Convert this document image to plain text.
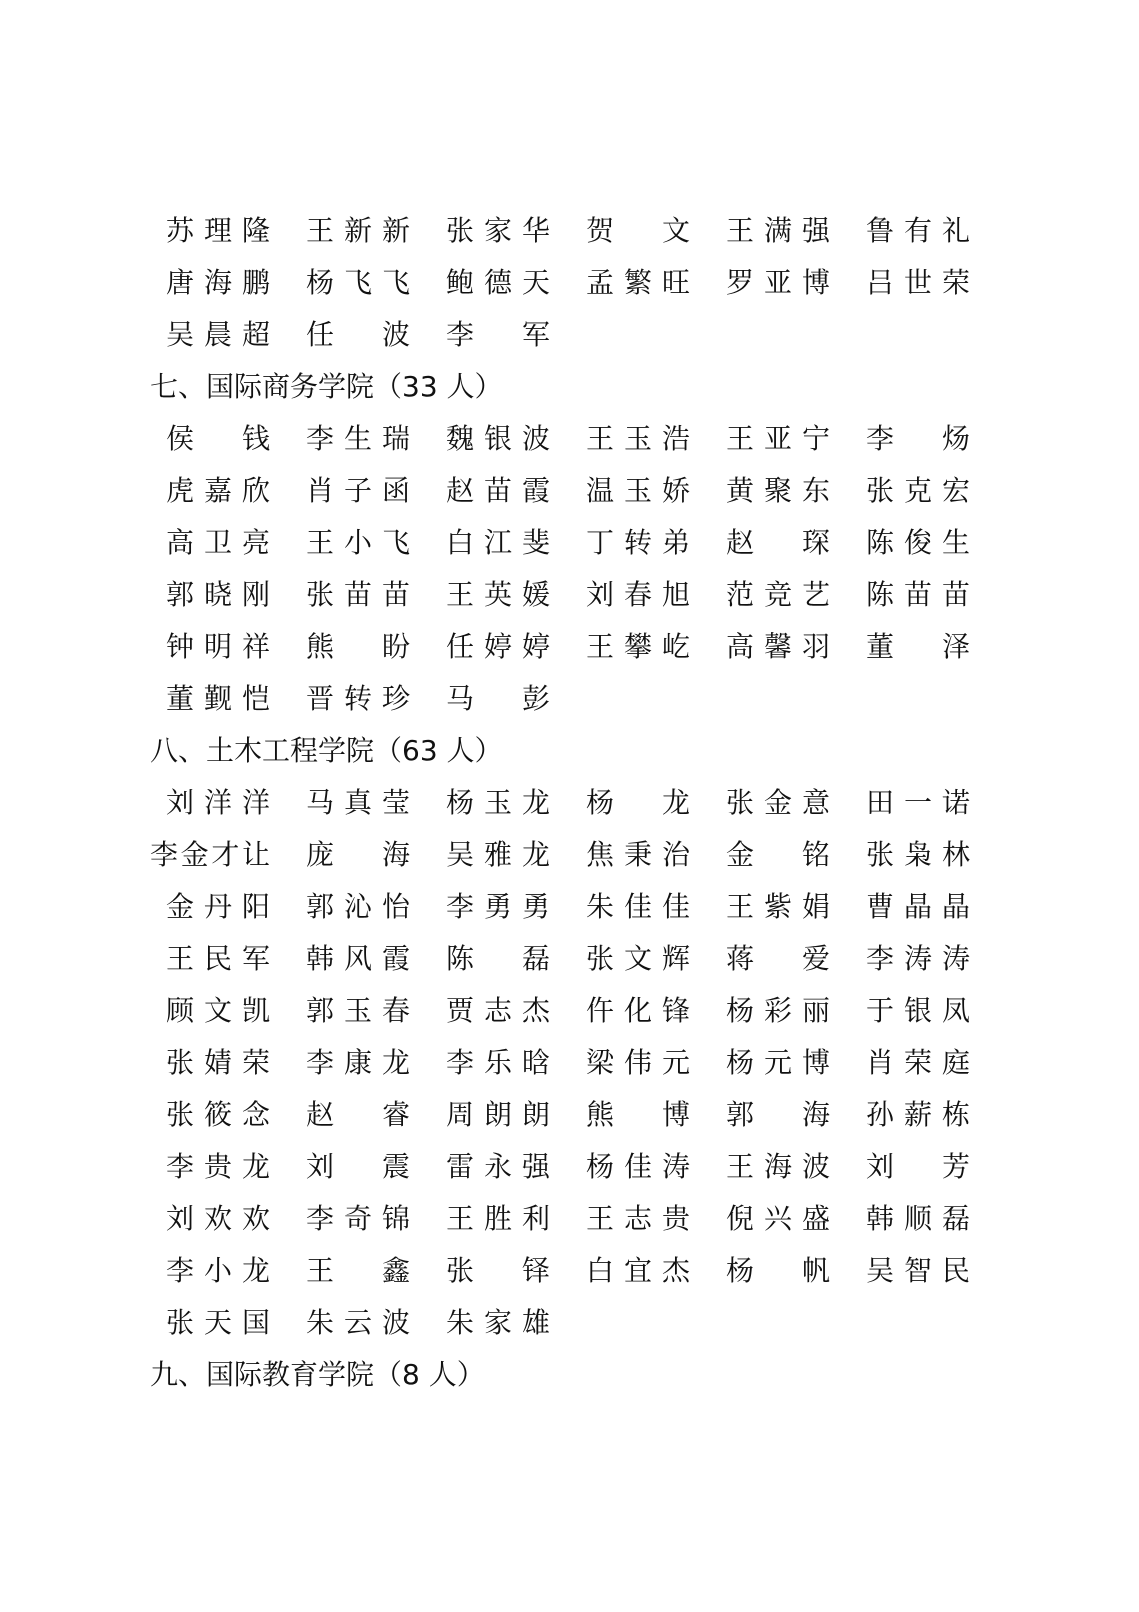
苏 理 隆 王 新 新 张 家 华 贺 文 王 满 强 鲁 有 礼
唐 海 鹏 杨 飞 飞 鲍 德 天 孟 繁 旺 罗 亚 博 吕 世 荣
吴 晨 超 任 波 李 军
七、国际商务学院（33 人）
侯 钱 李 生 瑞 魏 银 波 王 玉 浩 王 亚 宁 李 炀
虎 嘉 欣 肖 子 函 赵 苗 霞 温 玉 娇 黄 聚 东 张 克 宏
高 卫 亮 王 小 飞 白 江 斐 丁 转 弟 赵 琛 陈 俊 生
郭 晓 刚 张 苗 苗 王 英 媛 刘 春 旭 范 竞 艺 陈 苗 苗
钟 明 祥 熊 盼 任 婷 婷 王 攀 屹 高 馨 羽 董 泽
董 觐 恺 晋 转 珍 马 彭
八、土木工程学院（63 人）
刘 洋 洋 马 真 莹 杨 玉 龙 杨 龙 张 金 意 田 一 诺
李 金 才 让 庞 海 吴 雅 龙 焦 秉 治 金 铭 张 枭 林
金 丹 阳 郭 沁 怡 李 勇 勇 朱 佳 佳 王 紫 娟 曹 晶 晶
王 民 军 韩 风 霞 陈 磊 张 文 辉 蒋 爱 李 涛 涛
顾 文 凯 郭 玉 春 贾 志 杰 仵 化 锋 杨 彩 丽 于 银 凤
张 婧 荣 李 康 龙 李 乐 晗 梁 伟 元 杨 元 博 肖 荣 庭
张 筱 念 赵 睿 周 朗 朗 熊 博 郭 海 孙 薪 栋
李 贵 龙 刘 震 雷 永 强 杨 佳 涛 王 海 波 刘 芳
刘 欢 欢 李 奇 锦 王 胜 利 王 志 贵 倪 兴 盛 韩 顺 磊
李 小 龙 王 鑫 张 铎 白 宜 杰 杨 帆 吴 智 民
张 天 国 朱 云 波 朱 家 雄
九、国际教育学院（8 人）
